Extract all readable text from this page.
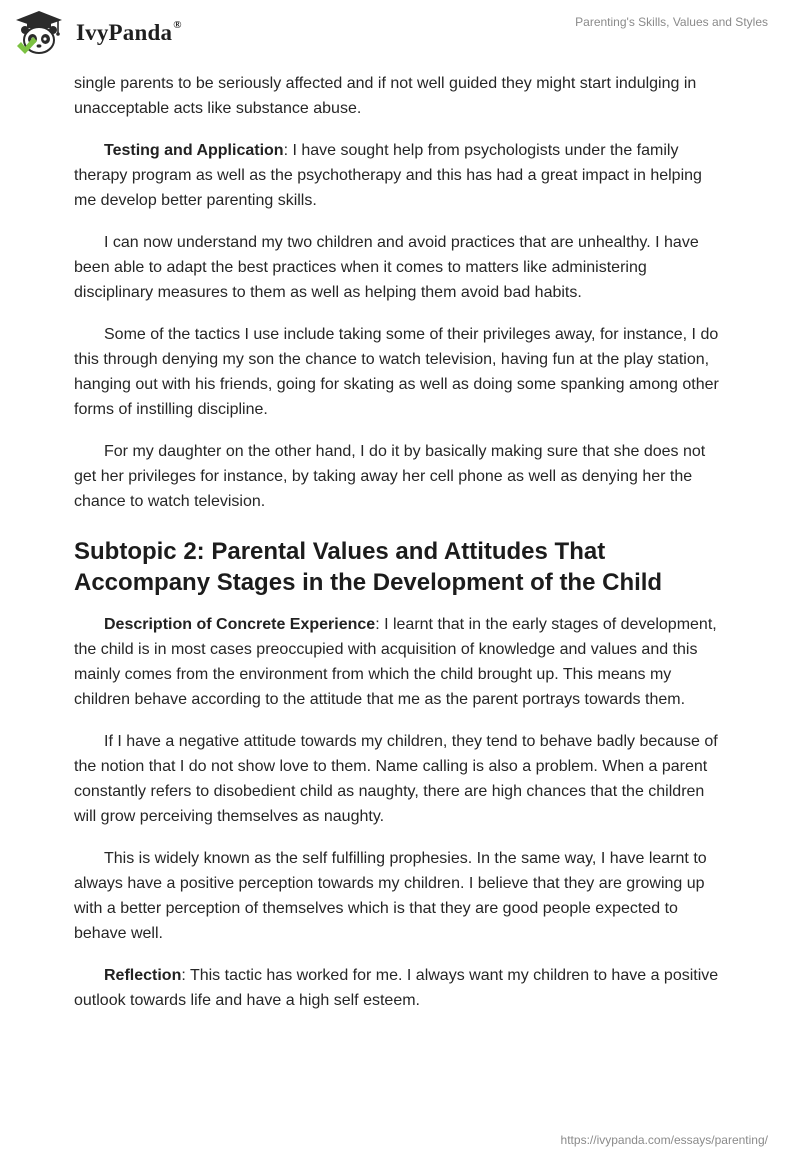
IvyPanda®	Parenting's Skills, Values and Styles

single parents to be seriously affected and if not well guided they might start indulging in unacceptable acts like substance abuse.

Testing and Application: I have sought help from psychologists under the family therapy program as well as the psychotherapy and this has had a great impact in helping me develop better parenting skills.

I can now understand my two children and avoid practices that are unhealthy. I have been able to adapt the best practices when it comes to matters like administering disciplinary measures to them as well as helping them avoid bad habits.

Some of the tactics I use include taking some of their privileges away, for instance, I do this through denying my son the chance to watch television, having fun at the play station, hanging out with his friends, going for skating as well as doing some spanking among other forms of instilling discipline.

For my daughter on the other hand, I do it by basically making sure that she does not get her privileges for instance, by taking away her cell phone as well as denying her the chance to watch television.

Subtopic 2: Parental Values and Attitudes That Accompany Stages in the Development of the Child

Description of Concrete Experience: I learnt that in the early stages of development, the child is in most cases preoccupied with acquisition of knowledge and values and this mainly comes from the environment from which the child brought up. This means my children behave according to the attitude that me as the parent portrays towards them.

If I have a negative attitude towards my children, they tend to behave badly because of the notion that I do not show love to them. Name calling is also a problem. When a parent constantly refers to disobedient child as naughty, there are high chances that the children will grow perceiving themselves as naughty.

This is widely known as the self fulfilling prophesies. In the same way, I have learnt to always have a positive perception towards my children. I believe that they are growing up with a better perception of themselves which is that they are good people expected to behave well.

Reflection: This tactic has worked for me. I always want my children to have a positive outlook towards life and have a high self esteem.

https://ivypanda.com/essays/parenting/
